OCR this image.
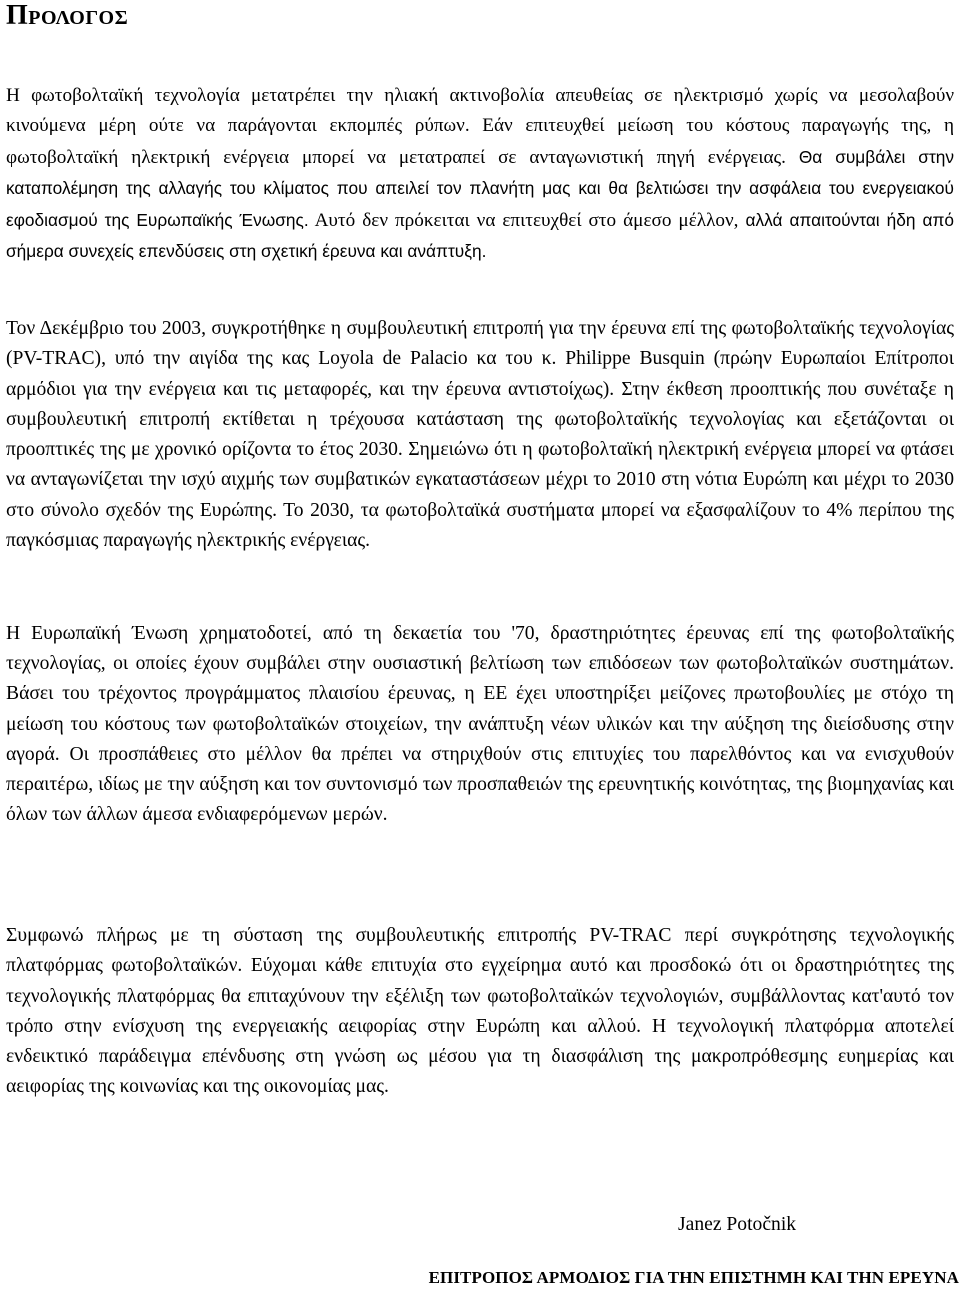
ΠΡΟΛΟΓΟΣ

Η φωτοβολταϊκή τεχνολογία μετατρέπει την ηλιακή ακτινοβολία απευθείας σε ηλεκτρισμό χωρίς να μεσολαβούν κινούμενα μέρη ούτε να παράγονται εκπομπές ρύπων. Εάν επιτευχθεί μείωση του κόστους παραγωγής της, η φωτοβολταϊκή ηλεκτρική ενέργεια μπορεί να μετατραπεί σε ανταγωνιστική πηγή ενέργειας. Θα συμβάλει στην καταπολέμηση της αλλαγής του κλίματος που απειλεί τον πλανήτη μας και θα βελτιώσει την ασφάλεια του ενεργειακού εφοδιασμού της Ευρωπαϊκής Ένωσης. Αυτό δεν πρόκειται να επιτευχθεί στο άμεσο μέλλον, αλλά απαιτούνται ήδη από σήμερα συνεχείς επενδύσεις στη σχετική έρευνα και ανάπτυξη.

Τον Δεκέμβριο του 2003, συγκροτήθηκε η συμβουλευτική επιτροπή για την έρευνα επί της φωτοβολταϊκής τεχνολογίας (PV-TRAC), υπό την αιγίδα της κας Loyola de Palacio κα του κ. Philippe Busquin (πρώην Ευρωπαίοι Επίτροποι αρμόδιοι για την ενέργεια και τις μεταφορές, και την έρευνα αντιστοίχως). Στην έκθεση προοπτικής που συνέταξε η συμβουλευτική επιτροπή εκτίθεται η τρέχουσα κατάσταση της φωτοβολταϊκής τεχνολογίας και εξετάζονται οι προοπτικές της με χρονικό ορίζοντα το έτος 2030. Σημειώνω ότι η φωτοβολταϊκή ηλεκτρική ενέργεια μπορεί να φτάσει να ανταγωνίζεται την ισχύ αιχμής των συμβατικών εγκαταστάσεων μέχρι το 2010 στη νότια Ευρώπη και μέχρι το 2030 στο σύνολο σχεδόν της Ευρώπης. Το 2030, τα φωτοβολταϊκά συστήματα μπορεί να εξασφαλίζουν το 4% περίπου της παγκόσμιας παραγωγής ηλεκτρικής ενέργειας.

Η Ευρωπαϊκή Ένωση χρηματοδοτεί, από τη δεκαετία του '70, δραστηριότητες έρευνας επί της φωτοβολταϊκής τεχνολογίας, οι οποίες έχουν συμβάλει στην ουσιαστική βελτίωση των επιδόσεων των φωτοβολταϊκών συστημάτων. Βάσει του τρέχοντος προγράμματος πλαισίου έρευνας, η ΕΕ έχει υποστηρίξει μείζονες πρωτοβουλίες με στόχο τη μείωση του κόστους των φωτοβολταϊκών στοιχείων, την ανάπτυξη νέων υλικών και την αύξηση της διείσδυσης στην αγορά. Οι προσπάθειες στο μέλλον θα πρέπει να στηριχθούν στις επιτυχίες του παρελθόντος και να ενισχυθούν περαιτέρω, ιδίως με την αύξηση και τον συντονισμό των προσπαθειών της ερευνητικής κοινότητας, της βιομηχανίας και όλων των άλλων άμεσα ενδιαφερόμενων μερών.

Συμφωνώ πλήρως με τη σύσταση της συμβουλευτικής επιτροπής PV-TRAC περί συγκρότησης τεχνολογικής πλατφόρμας φωτοβολταϊκών. Εύχομαι κάθε επιτυχία στο εγχείρημα αυτό και προσδοκώ ότι οι δραστηριότητες της τεχνολογικής πλατφόρμας θα επιταχύνουν την εξέλιξη των φωτοβολταϊκών τεχνολογιών, συμβάλλοντας κατ'αυτό τον τρόπο στην ενίσχυση της ενεργειακής αειφορίας στην Ευρώπη και αλλού. Η τεχνολογική πλατφόρμα αποτελεί ενδεικτικό παράδειγμα επένδυσης στη γνώση ως μέσου για τη διασφάλιση της μακροπρόθεσμης ευημερίας και αειφορίας της κοινωνίας και της οικονομίας μας.

Janez Potočnik
ΕΠΙΤΡΟΠΟΣ ΑΡΜΟΔΙΟΣ ΓΙΑ ΤΗΝ ΕΠΙΣΤΗΜΗ ΚΑΙ ΤΗΝ ΕΡΕΥΝΑ
